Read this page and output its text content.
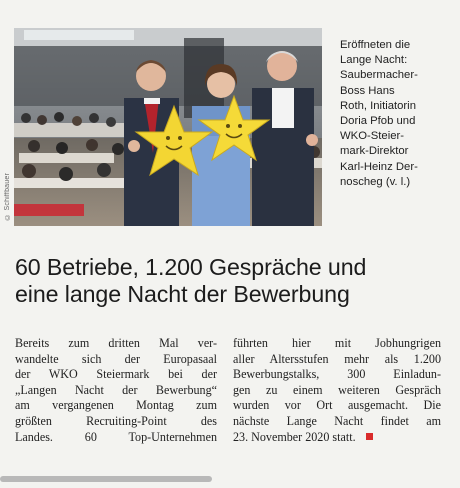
© Schiffbauer
Eröffneten die
Lange Nacht:
Saubermacher-
Boss Hans
Roth, Initiatorin
Doria Pfob und
WKO-Steier-
mark-Direktor
Karl-Heinz Der-
noscheg (v. l.)
60 Betriebe, 1.200 Gespräche und
eine lange Nacht der Bewerbung
Bereits zum dritten Mal ver-
wandelte sich der Europasaal
der WKO Steiermark bei der
„Langen Nacht der Bewerbung“
am vergangenen Montag zum
größten Recruiting-Point des
Landes. 60 Top-Unternehmen
führten hier mit Jobhungrigen
aller Altersstufen mehr als 1.200
Bewerbungstalks, 300 Einladun-
gen zu einem weiteren Gespräch
wurden vor Ort ausgemacht. Die
nächste Lange Nacht findet am
23. November 2020 statt.
